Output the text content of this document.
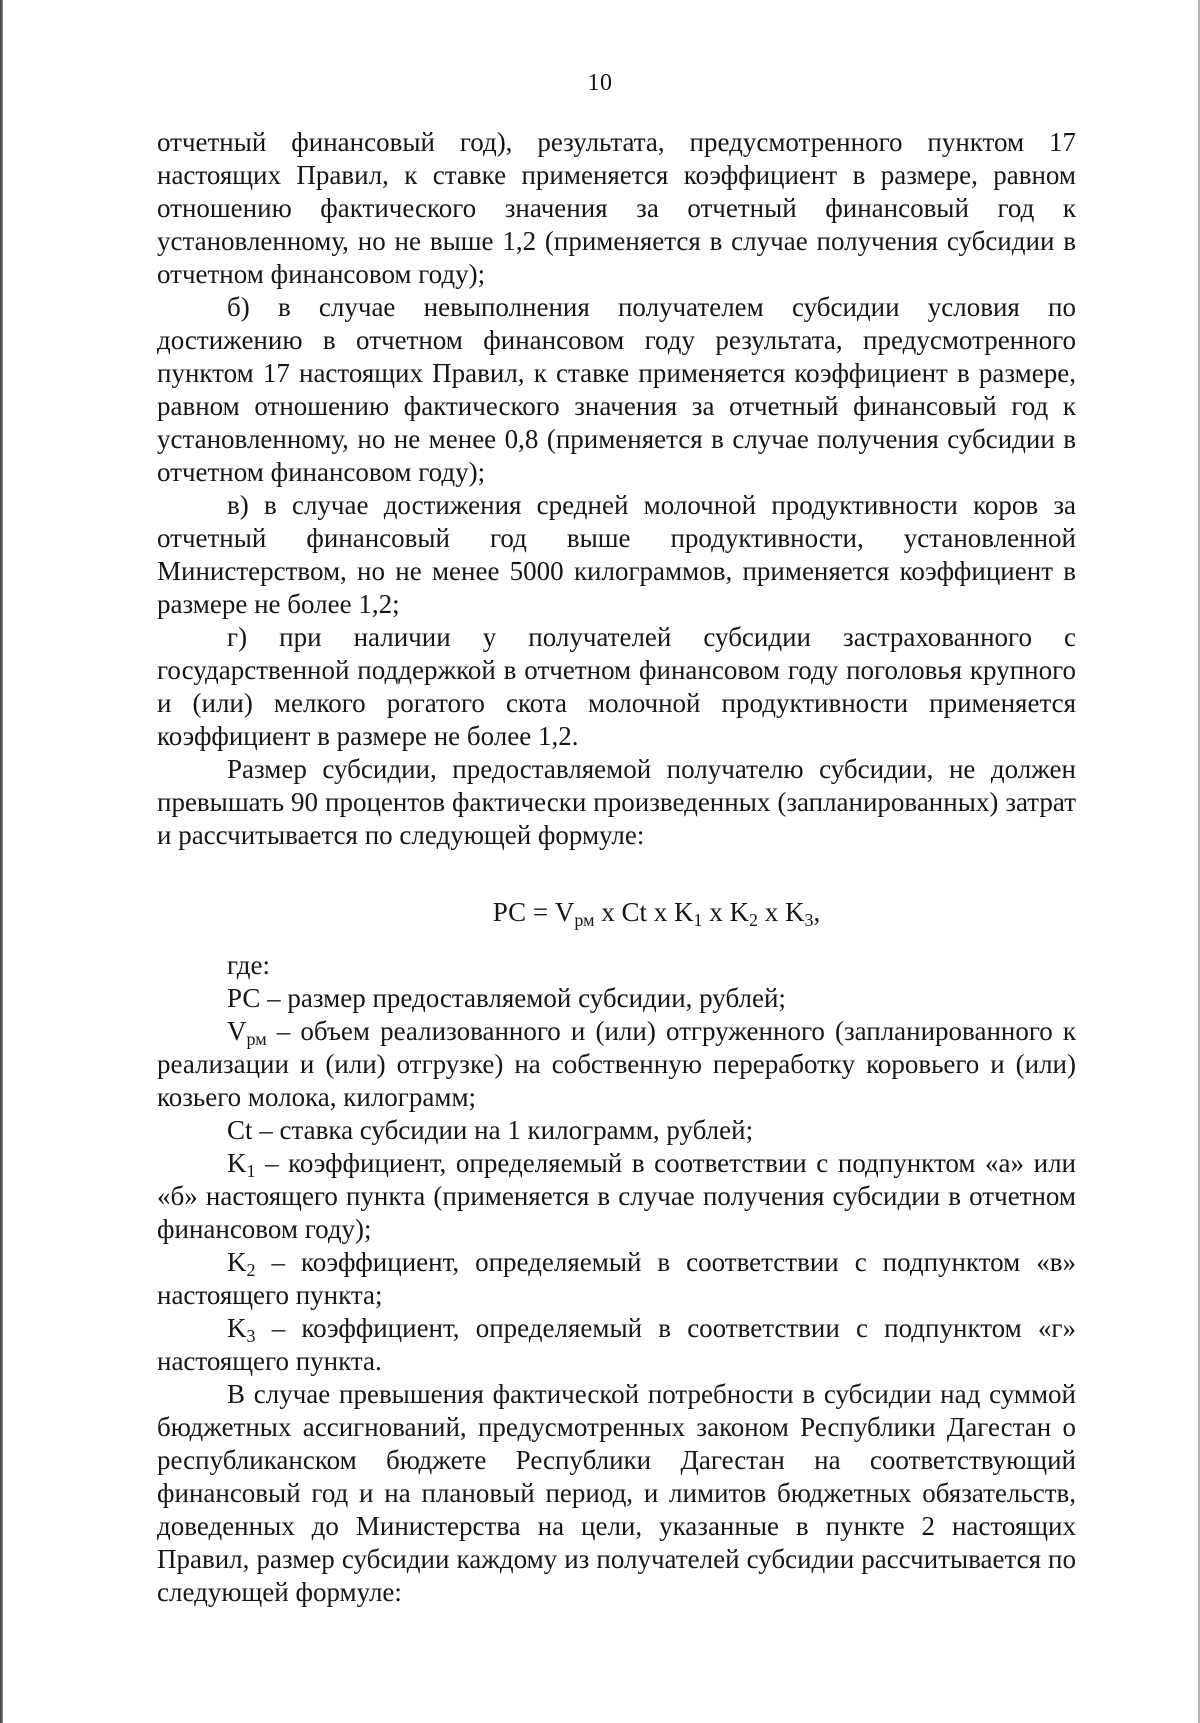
10

отчетный финансовый год), результата, предусмотренного пунктом 17 настоящих Правил, к ставке применяется коэффициент в размере, равном отношению фактического значения за отчетный финансовый год к установленному, но не выше 1,2 (применяется в случае получения субсидии в отчетном финансовом году);

б) в случае невыполнения получателем субсидии условия по достижению в отчетном финансовом году результата, предусмотренного пунктом 17 настоящих Правил, к ставке применяется коэффициент в размере, равном отношению фактического значения за отчетный финансовый год к установленному, но не менее 0,8 (применяется в случае получения субсидии в отчетном финансовом году);

в) в случае достижения средней молочной продуктивности коров за отчетный финансовый год выше продуктивности, установленной Министерством, но не менее 5000 килограммов, применяется коэффициент в размере не более 1,2;

г) при наличии у получателей субсидии застрахованного с государственной поддержкой в отчетном финансовом году поголовья крупного и (или) мелкого рогатого скота молочной продуктивности применяется коэффициент в размере не более 1,2.

Размер субсидии, предоставляемой получателю субсидии, не должен превышать 90 процентов фактически произведенных (запланированных) затрат и рассчитывается по следующей формуле:

РС = $V_{рм}$ х Ct х $K_1$ х $K_2$ х $K_3$,

где:

РС – размер предоставляемой субсидии, рублей;

$V_{рм}$ – объем реализованного и (или) отгруженного (запланированного к реализации и (или) отгрузке) на собственную переработку коровьего и (или) козьего молока, килограмм;

Ct – ставка субсидии на 1 килограмм, рублей;

$K_1$ – коэффициент, определяемый в соответствии с подпунктом «а» или «б» настоящего пункта (применяется в случае получения субсидии в отчетном финансовом году);

$K_2$ – коэффициент, определяемый в соответствии с подпунктом «в» настоящего пункта;

$K_3$ – коэффициент, определяемый в соответствии с подпунктом «г» настоящего пункта.

В случае превышения фактической потребности в субсидии над суммой бюджетных ассигнований, предусмотренных законом Республики Дагестан о республиканском бюджете Республики Дагестан на соответствующий финансовый год и на плановый период, и лимитов бюджетных обязательств, доведенных до Министерства на цели, указанные в пункте 2 настоящих Правил, размер субсидии каждому из получателей субсидии рассчитывается по следующей формуле:
